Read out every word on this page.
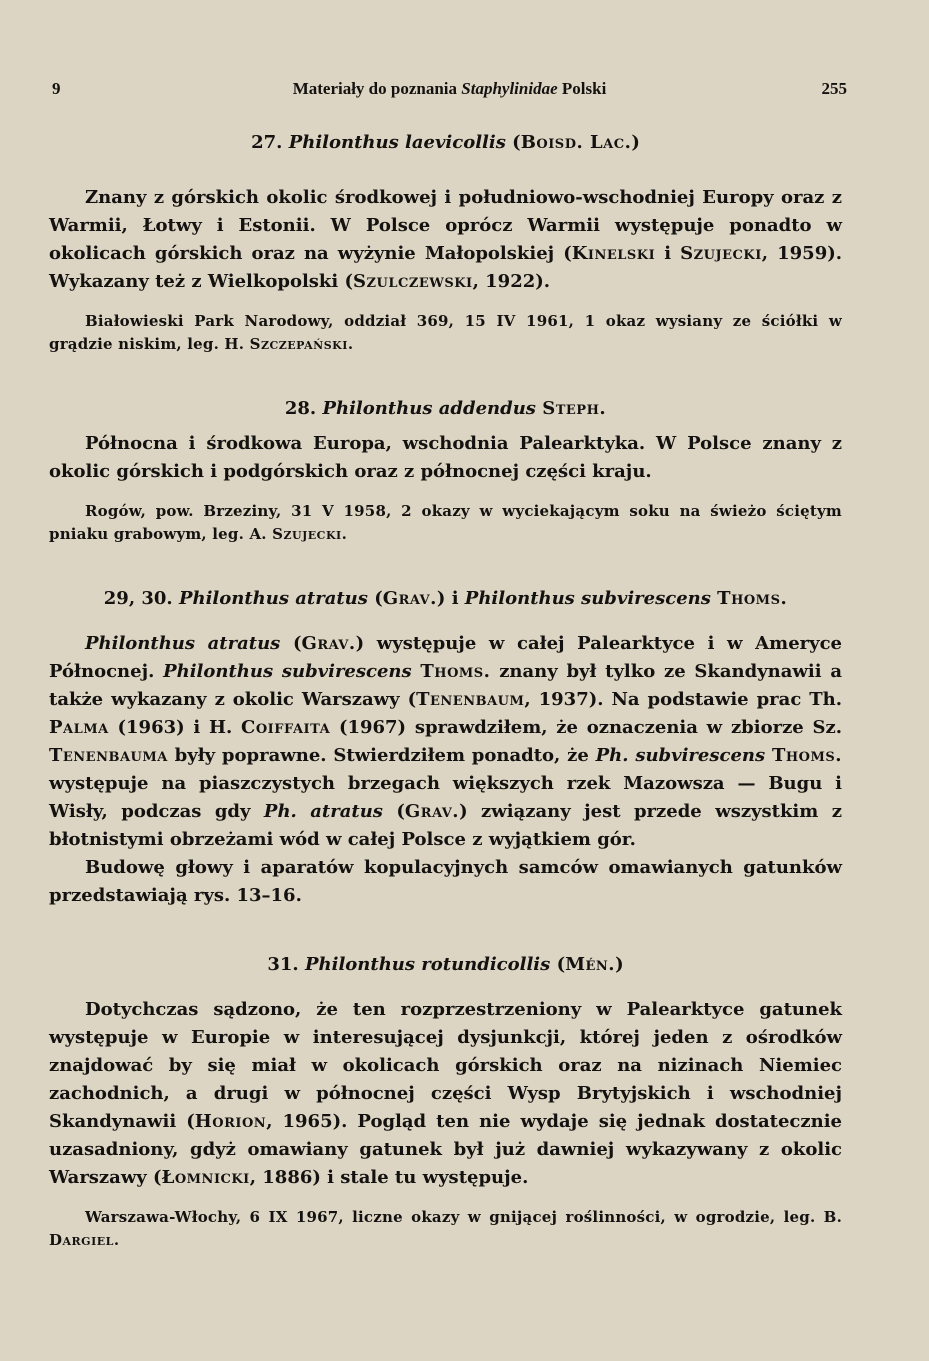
9	Materiały do poznania Staphylinidae Polski	255
27. Philonthus laevicollis (Boisd. Lac.)

Znany z górskich okolic środkowej i południowo-wschodniej Europy oraz z Warmii, Łotwy i Estonii. W Polsce oprócz Warmii występuje ponadto w okolicach górskich oraz na wyżynie Małopolskiej (Kinelski i Szujecki, 1959). Wykazany też z Wielkopolski (Szulczewski, 1922).

Białowieski Park Narodowy, oddział 369, 15 IV 1961, 1 okaz wysiany ze ściółki w grądzie niskim, leg. H. Szczepański.

28. Philonthus addendus Steph.

Północna i środkowa Europa, wschodnia Palearktyka. W Polsce znany z okolic górskich i podgórskich oraz z północnej części kraju.

Rogów, pow. Brzeziny, 31 V 1958, 2 okazy w wyciekającym soku na świeżo ściętym pniaku grabowym, leg. A. Szujecki.

29, 30. Philonthus atratus (Grav.) i Philonthus subvirescens Thoms.

Philonthus atratus (Grav.) występuje w całej Palearktyce i w Ameryce Północnej. Philonthus subvirescens Thoms. znany był tylko ze Skandynawii a także wykazany z okolic Warszawy (Tenenbaum, 1937). Na podstawie prac Th. Palma (1963) i H. Coiffaita (1967) sprawdziłem, że oznaczenia w zbiorze Sz. Tenenbauma były poprawne. Stwierdziłem ponadto, że Ph. subvirescens Thoms. występuje na piaszczystych brzegach większych rzek Mazowsza — Bugu i Wisły, podczas gdy Ph. atratus (Grav.) związany jest przede wszystkim z błotnistymi obrzeżami wód w całej Polsce z wyjątkiem gór.

Budowę głowy i aparatów kopulacyjnych samców omawianych gatunków przedstawiają rys. 13–16.

31. Philonthus rotundicollis (Mén.)

Dotychczas sądzono, że ten rozprzestrzeniony w Palearktyce gatunek występuje w Europie w interesującej dysjunkcji, której jeden z ośrodków znajdować by się miał w okolicach górskich oraz na nizinach Niemiec zachodnich, a drugi w północnej części Wysp Brytyjskich i wschodniej Skandynawii (Horion, 1965). Pogląd ten nie wydaje się jednak dostatecznie uzasadniony, gdyż omawiany gatunek był już dawniej wykazywany z okolic Warszawy (Łomnicki, 1886) i stale tu występuje.

Warszawa-Włochy, 6 IX 1967, liczne okazy w gnijącej roślinności, w ogrodzie, leg. B. Dargiel.
